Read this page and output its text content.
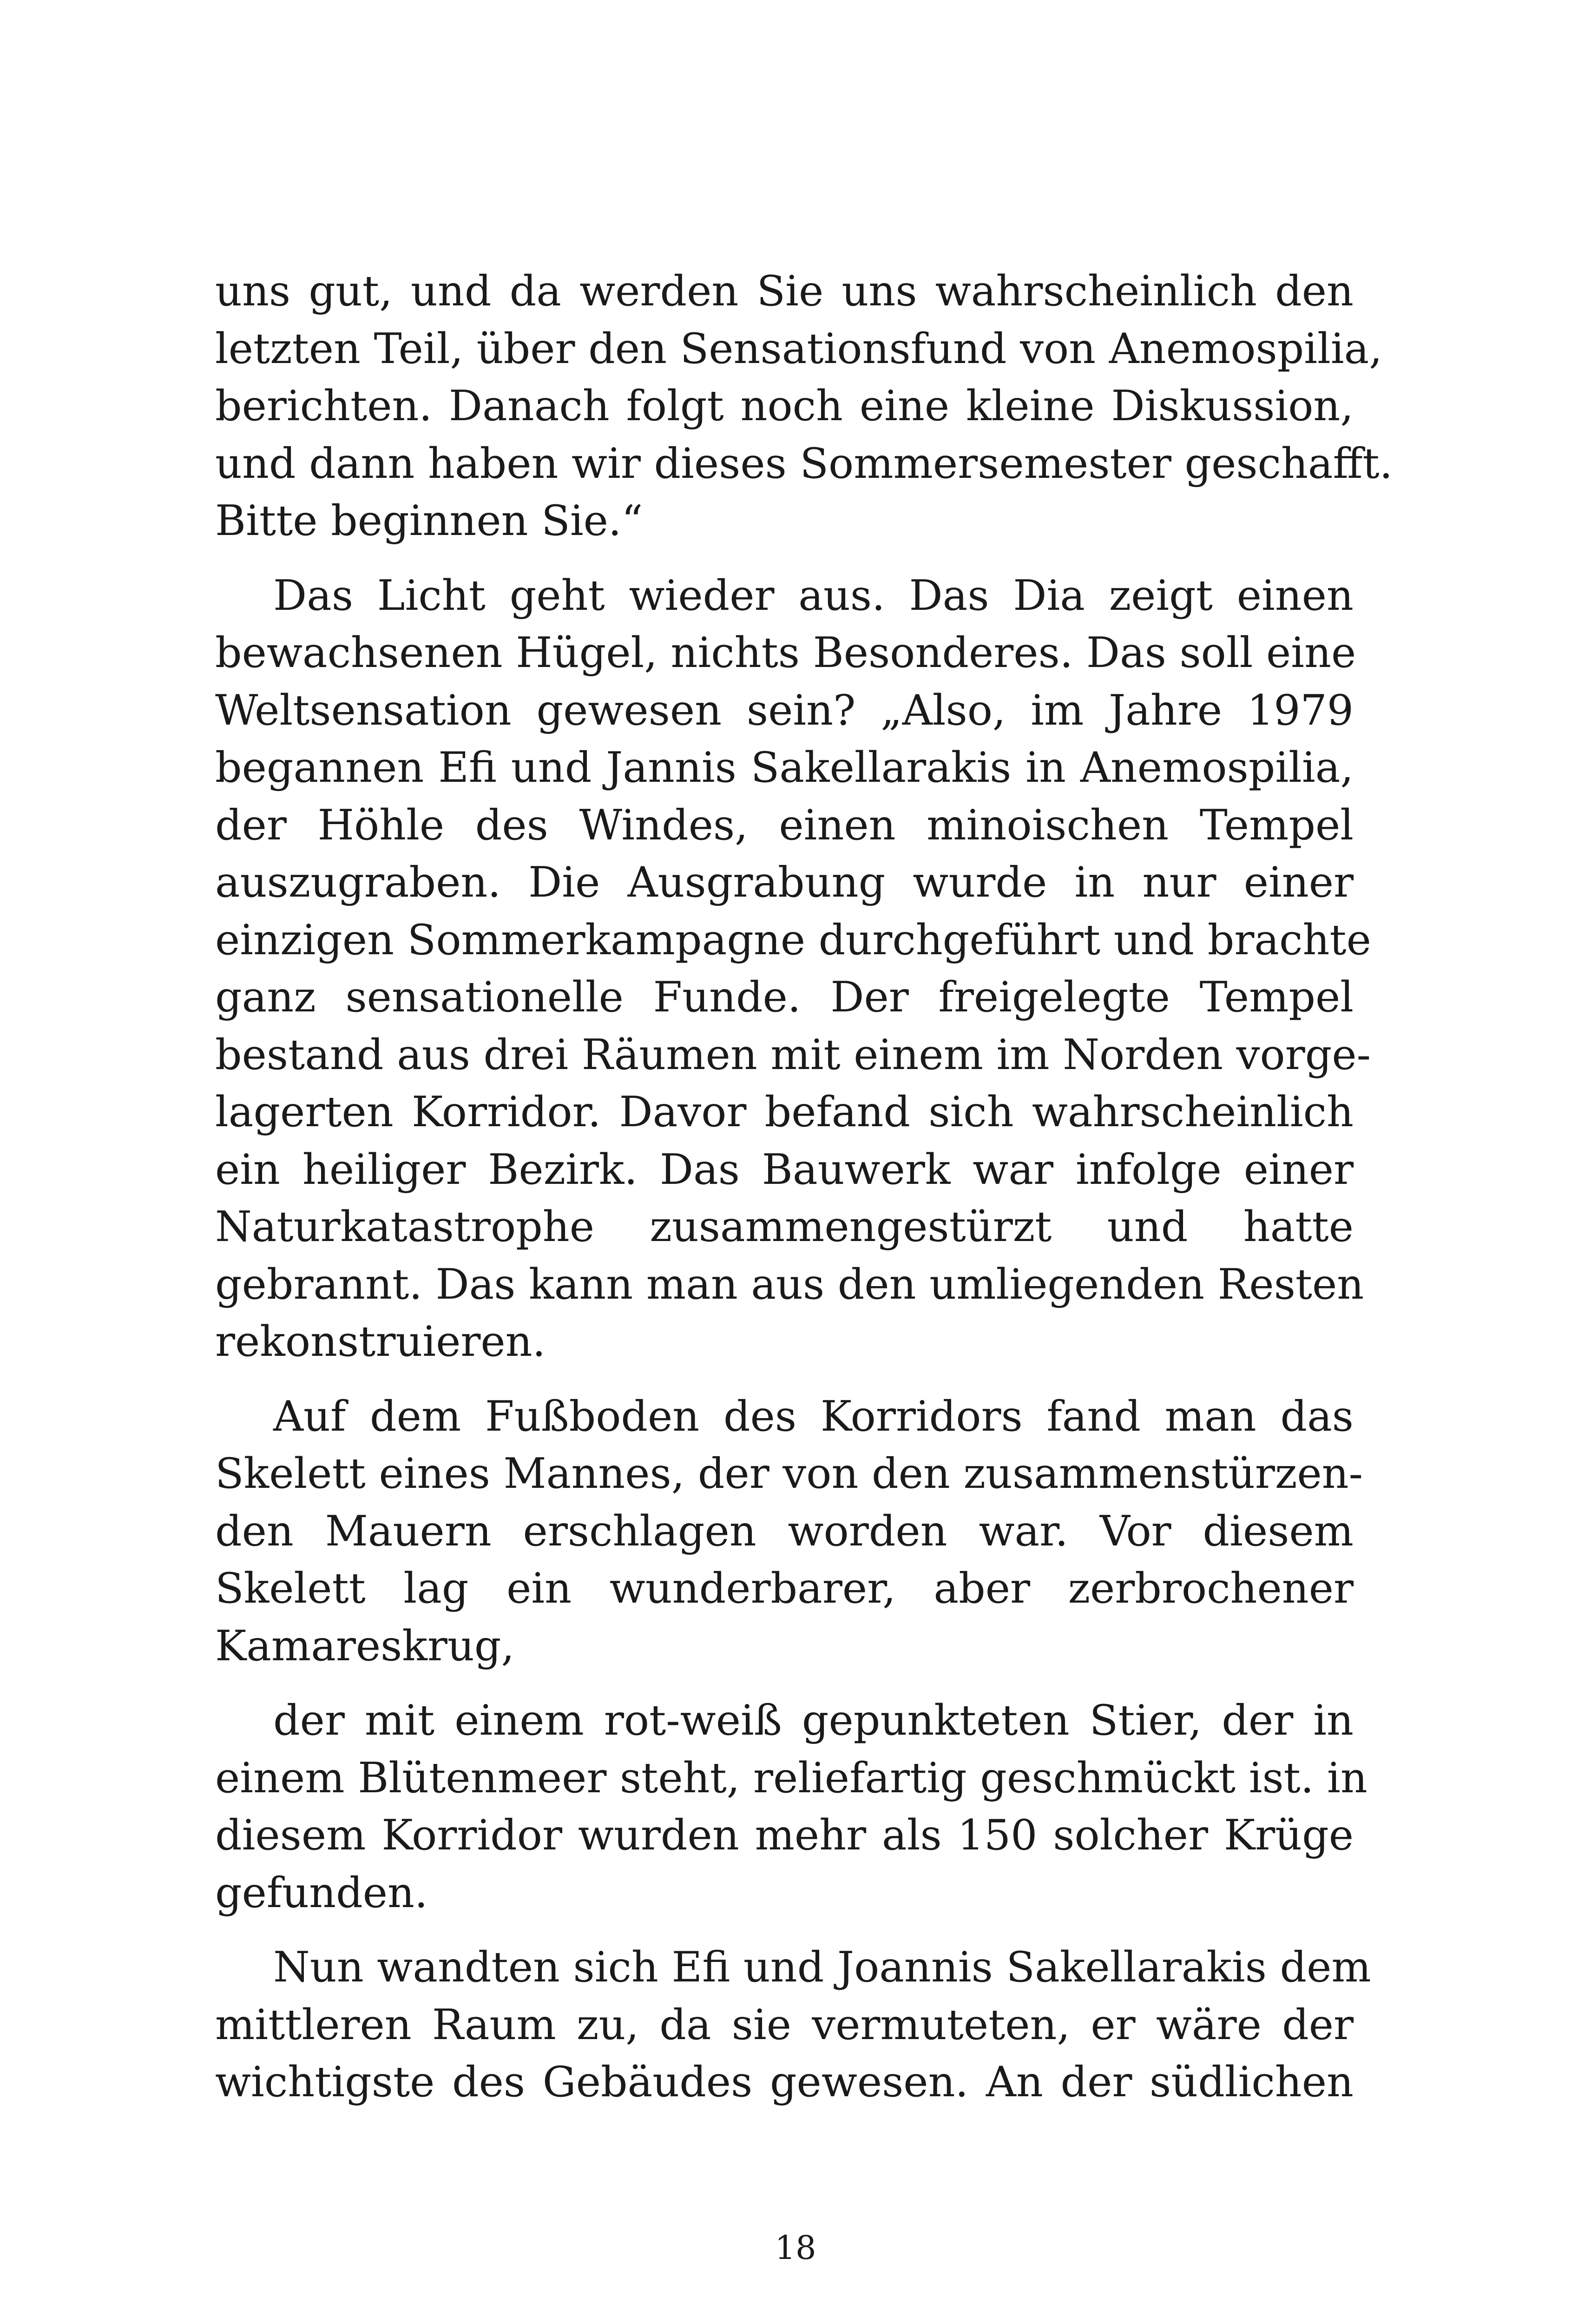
uns gut, und da werden Sie uns wahrscheinlich den
letzten Teil, über den Sensationsfund von Anemospilia,
berichten. Danach folgt noch eine kleine Diskussion,
und dann haben wir dieses Sommersemester geschafft.
Bitte beginnen Sie.“
Das Licht geht wieder aus. Das Dia zeigt einen
bewachsenen Hügel, nichts Besonderes. Das soll eine
Weltsensation gewesen sein? „Also, im Jahre 1979
begannen Efi und Jannis Sakellarakis in Anemospilia,
der Höhle des Windes, einen minoischen Tempel
auszugraben. Die Ausgrabung wurde in nur einer
einzigen Sommerkampagne durchgeführt und brachte
ganz sensationelle Funde. Der freigelegte Tempel
bestand aus drei Räumen mit einem im Norden vorge-
lagerten Korridor. Davor befand sich wahrscheinlich
ein heiliger Bezirk. Das Bauwerk war infolge einer
Naturkatastrophe zusammengestürzt und hatte
gebrannt. Das kann man aus den umliegenden Resten
rekonstruieren.
Auf dem Fußboden des Korridors fand man das
Skelett eines Mannes, der von den zusammenstürzen-
den Mauern erschlagen worden war. Vor diesem
Skelett lag ein wunderbarer, aber zerbrochener
Kamareskrug,
der mit einem rot-weiß gepunkteten Stier, der in
einem Blütenmeer steht, reliefartig geschmückt ist. in
diesem Korridor wurden mehr als 150 solcher Krüge
gefunden.
Nun wandten sich Efi und Joannis Sakellarakis dem
mittleren Raum zu, da sie vermuteten, er wäre der
wichtigste des Gebäudes gewesen. An der südlichen
18
